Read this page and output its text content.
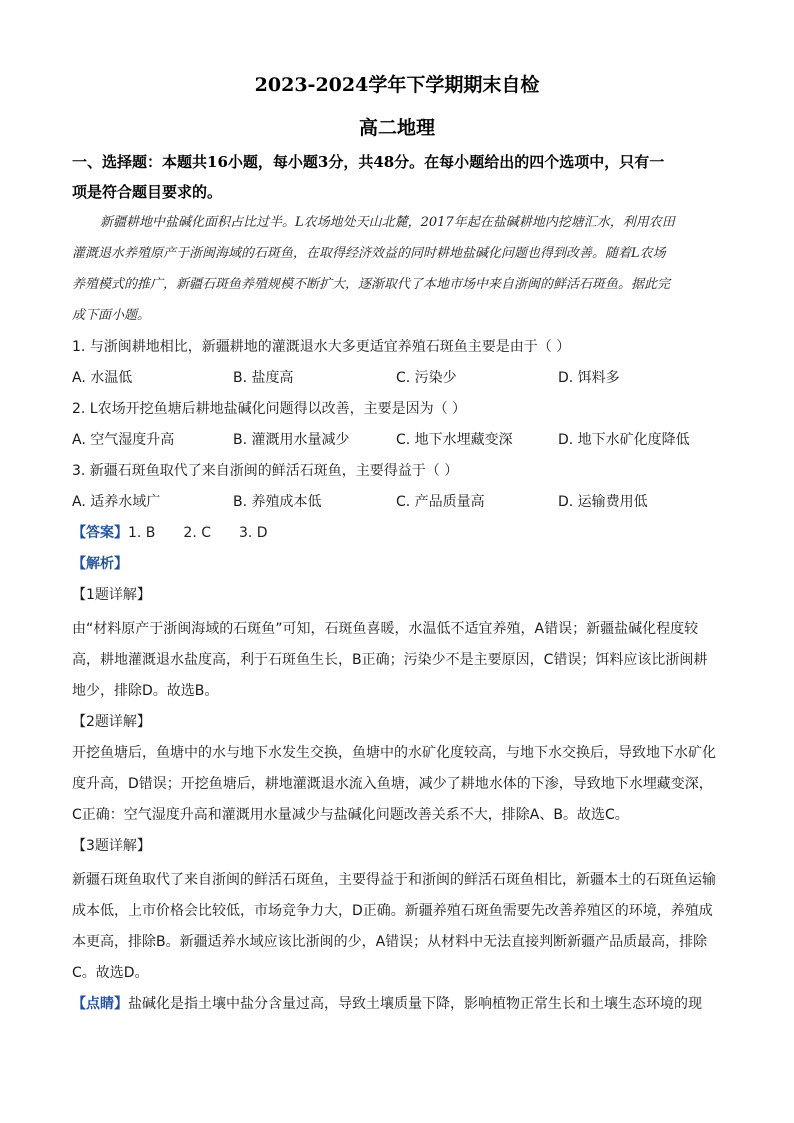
2023-2024学年下学期期末自检
高二地理
一、选择题：本题共16小题，每小题3分，共48分。在每小题给出的四个选项中，只有一
项是符合题目要求的。
新疆耕地中盐碱化面积占比过半。L农场地处天山北麓，2017年起在盐碱耕地内挖塘汇水，利用农田
灌溉退水养殖原产于浙闽海域的石斑鱼，在取得经济效益的同时耕地盐碱化问题也得到改善。随着L农场
养殖模式的推广，新疆石斑鱼养殖规模不断扩大，逐渐取代了本地市场中来自浙闽的鲜活石斑鱼。据此完
成下面小题。
1. 与浙闽耕地相比，新疆耕地的灌溉退水大多更适宜养殖石斑鱼主要是由于（ ）
A. 水温低	B. 盐度高	C. 污染少	D. 饵料多
2. L农场开挖鱼塘后耕地盐碱化问题得以改善，主要是因为（ ）
A. 空气湿度升高	B. 灌溉用水量减少	C. 地下水埋藏变深	D. 地下水矿化度降低
3. 新疆石斑鱼取代了来自浙闽的鲜活石斑鱼，主要得益于（ ）
A. 适养水域广	B. 养殖成本低	C. 产品质量高	D. 运输费用低
【答案】1. B　　2. C　　3. D
【解析】
【1题详解】
由“材料原产于浙闽海域的石斑鱼”可知，石斑鱼喜暖，水温低不适宜养殖，A错误；新疆盐碱化程度较
高，耕地灌溉退水盐度高，利于石斑鱼生长，B正确；污染少不是主要原因，C错误；饵料应该比浙闽耕
地少，排除D。故选B。
【2题详解】
开挖鱼塘后，鱼塘中的水与地下水发生交换，鱼塘中的水矿化度较高，与地下水交换后，导致地下水矿化
度升高，D错误；开挖鱼塘后，耕地灌溉退水流入鱼塘，减少了耕地水体的下渗，导致地下水埋藏变深，
C正确：空气湿度升高和灌溉用水量减少与盐碱化问题改善关系不大，排除A、B。故选C。
【3题详解】
新疆石斑鱼取代了来自浙闽的鲜活石斑鱼，主要得益于和浙闽的鲜活石斑鱼相比，新疆本土的石斑鱼运输
成本低，上市价格会比较低，市场竞争力大，D正确。新疆养殖石斑鱼需要先改善养殖区的环境，养殖成
本更高，排除B。新疆适养水域应该比浙闽的少，A错误；从材料中无法直接判断新疆产品质最高，排除
C。故选D。
【点睛】盐碱化是指土壤中盐分含量过高，导致土壤质量下降，影响植物正常生长和土壤生态环境的现
